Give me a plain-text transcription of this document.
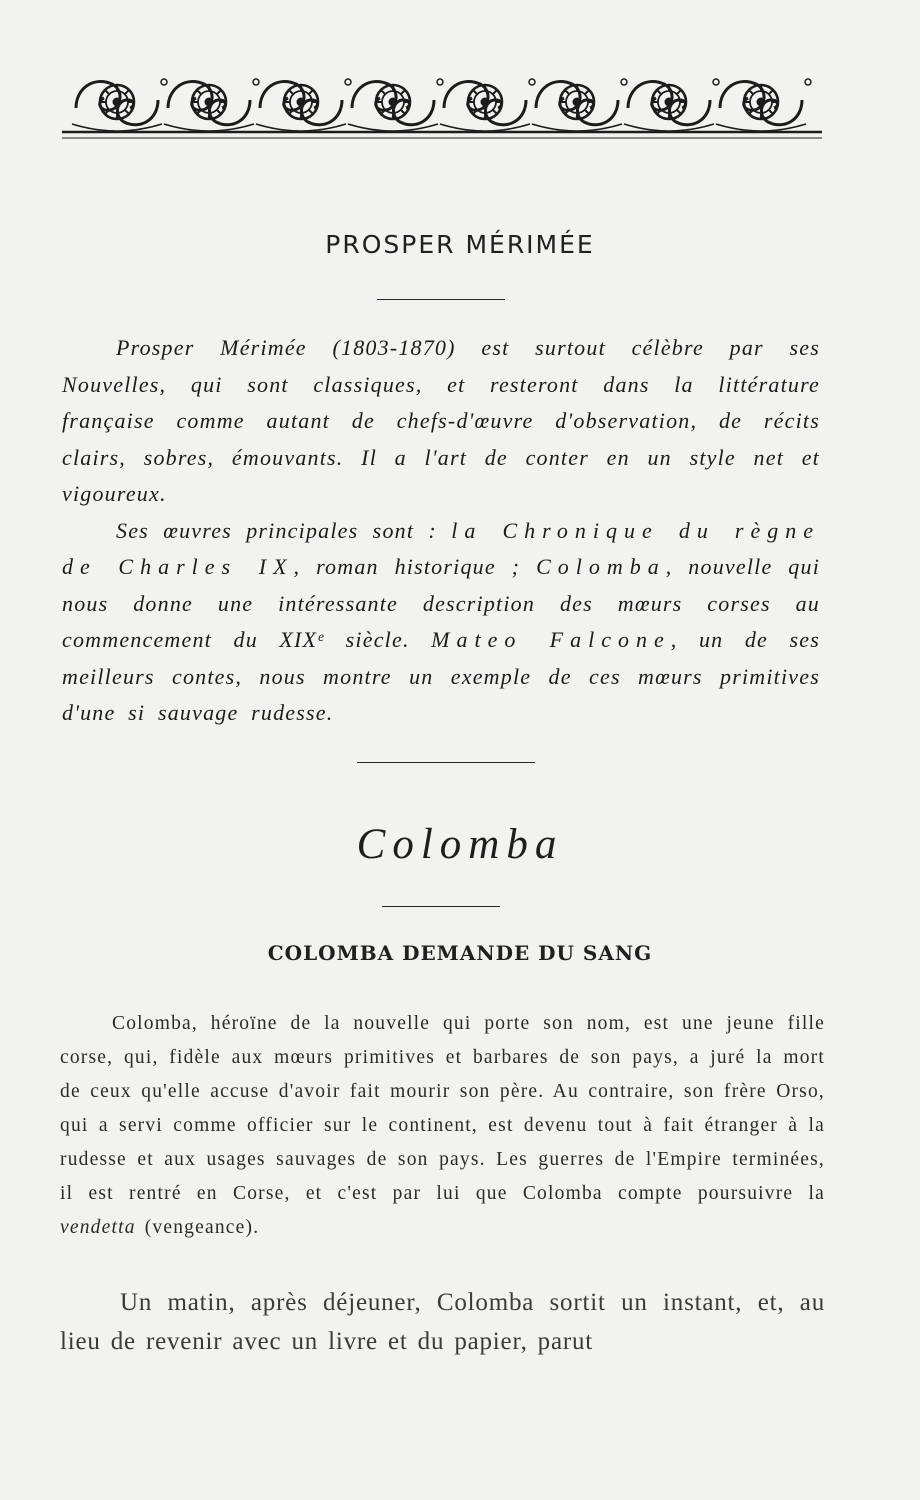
PROSPER MÉRIMÉE

Prosper Mérimée (1803-1870) est surtout célèbre par ses Nouvelles, qui sont classiques, et resteront dans la littérature française comme autant de chefs-d'œuvre d'observation, de récits clairs, sobres, émouvants. Il a l'art de conter en un style net et vigoureux.

Ses œuvres principales sont : la Chronique du règne de Charles IX, roman historique ; Colomba, nouvelle qui nous donne une intéressante description des mœurs corses au commencement du XIXᵉ siècle. Mateo Falcone, un de ses meilleurs contes, nous montre un exemple de ces mœurs primitives d'une si sauvage rudesse.

Colomba
COLOMBA DEMANDE DU SANG

Colomba, héroïne de la nouvelle qui porte son nom, est une jeune fille corse, qui, fidèle aux mœurs primitives et barbares de son pays, a juré la mort de ceux qu'elle accuse d'avoir fait mourir son père. Au contraire, son frère Orso, qui a servi comme officier sur le continent, est devenu tout à fait étranger à la rudesse et aux usages sauvages de son pays. Les guerres de l'Empire terminées, il est rentré en Corse, et c'est par lui que Colomba compte poursuivre la vendetta (vengeance).

Un matin, après déjeuner, Colomba sortit un instant, et, au lieu de revenir avec un livre et du papier, parut
